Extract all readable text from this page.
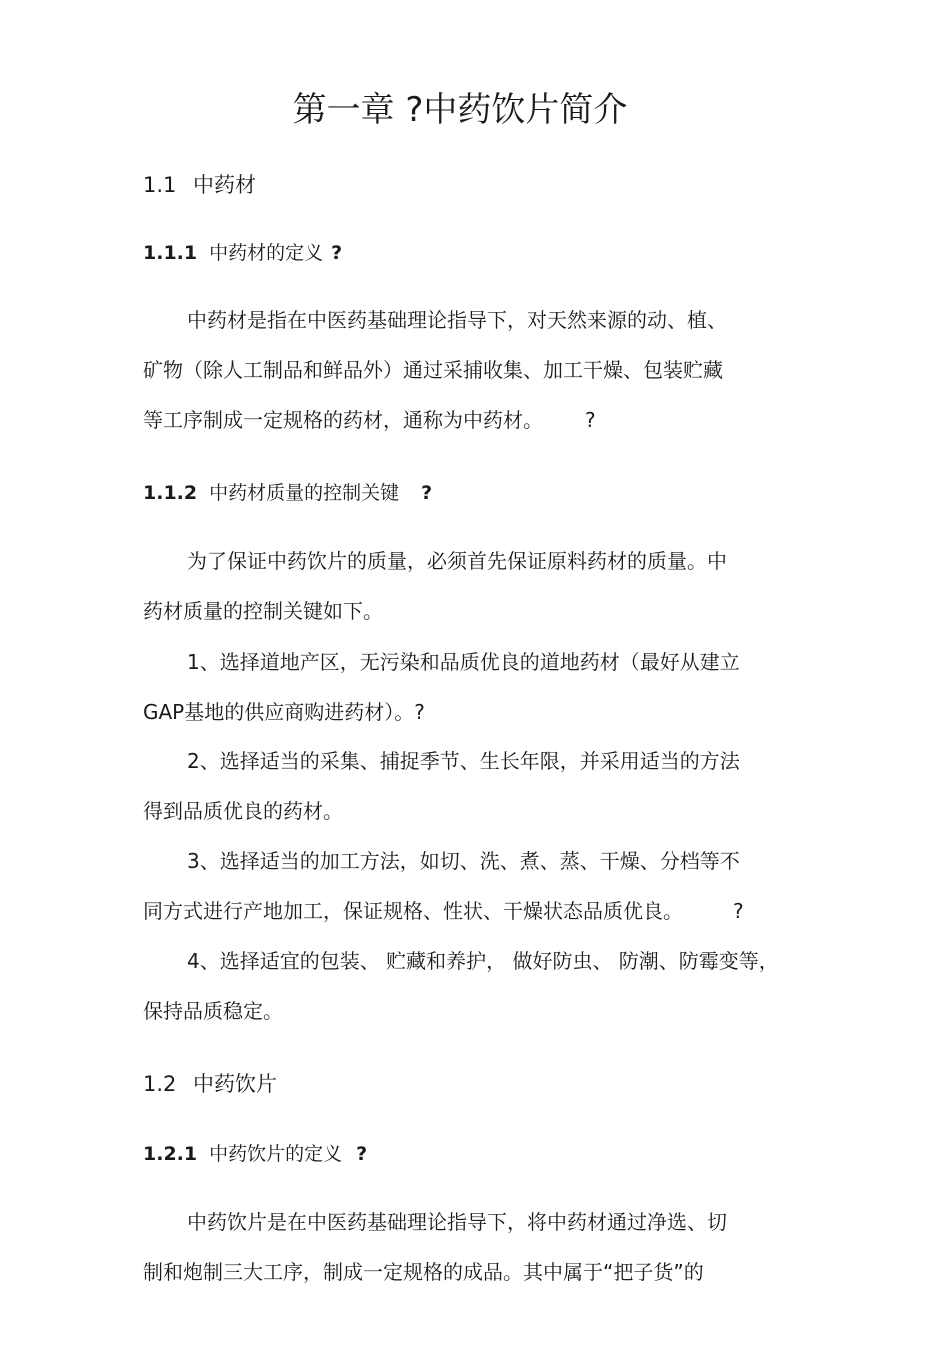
第一章 ?中药饮片简介
1.1 中药材
1.1.1 中药材的定义 ?

中药材是指在中医药基础理论指导下，对天然来源的动、植、

矿物（除人工制品和鲜品外）通过采捕收集、加工干燥、包装贮藏

等工序制成一定规格的药材，通称为中药材。 ?

1.1.2 中药材质量的控制关键 ?

为了保证中药饮片的质量，必须首先保证原料药材的质量。中

药材质量的控制关键如下。

1、选择道地产区，无污染和品质优良的道地药材（最好从建立

GAP基地的供应商购进药材）。?

2、选择适当的采集、捕捉季节、生长年限，并采用适当的方法

得到品质优良的药材。

3、选择适当的加工方法，如切、洗、煮、蒸、干燥、分档等不

同方式进行产地加工，保证规格、性状、干燥状态品质优良。	?

4、选择适宜的包装、 贮藏和养护， 做好防虫、 防潮、防霉变等，

保持品质稳定。

1.2 中药饮片
1.2.1 中药饮片的定义 ?

中药饮片是在中医药基础理论指导下，将中药材通过净选、切

制和炮制三大工序，制成一定规格的成品。其中属于“把子货”的
